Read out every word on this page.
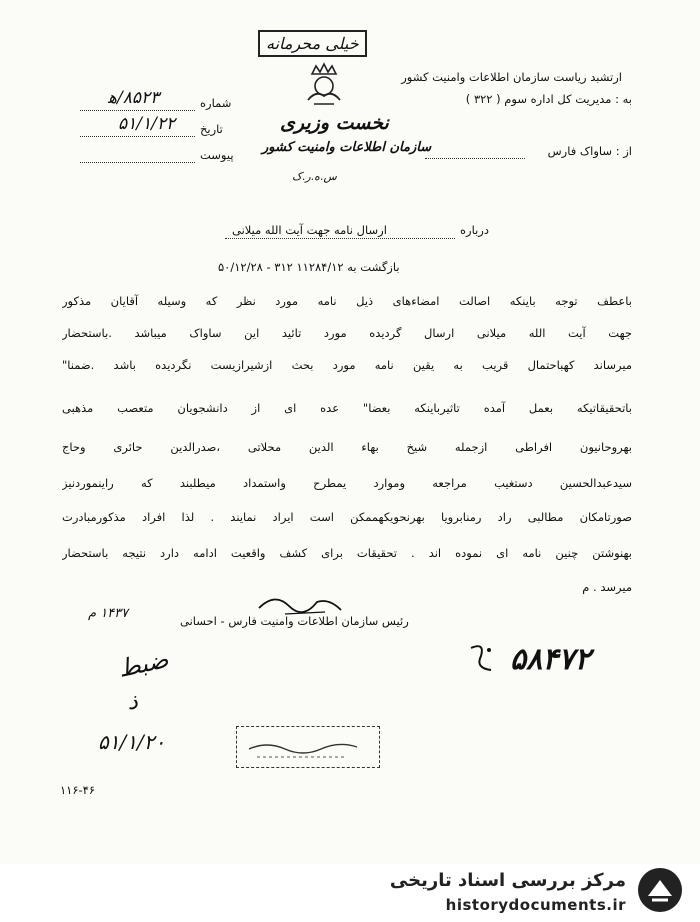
خیلی محرمانه
شماره
۸۵۲۳/ه‍
تاریخ
۵۱/۱/۲۲
پیوست
نخست وزیری
سازمان اطلاعات وامنیت کشور
س.ه.ر.ک
ارتشبد ریاست سازمان اطلاعات وامنیت کشور
به : مدیریت کل اداره سوم ( ۳۲۲ )
از : ساواک فارس
درباره
ارسال نامه جهت آیت الله میلانی
بازگشت به ۱۱۲۸۴/۱۲ ۳۱۲ - ۵۰/۱۲/۲۸
باعطف توجه باینکه اصالت امضاءهای ذیل نامه مورد نظر که وسیله آقایان مذکور
جهت آیت الله میلانی ارسال گردیده مورد تائید این ساواک میباشد .باستحضار
میرساند کهباحتمال قریب به یقین نامه مورد بحث ازشیرازیست نگردیده باشد .ضمنا"
باتحقیقاتیکه بعمل آمده تاثیرباینکه بعضا" عده ای از دانشجویان متعصب مذهبی
بهروحانیون افراطی ازجمله شیخ بهاء الدین محلاتی ،صدرالدین حائری وحاج
سیدعبدالحسین دستغیب مراجعه وموارد یمطرح واستمداد میطلبند که راینموردنیز
صورتامکان مطالبی راد رمنابرویا بهرنحویکهممکن است ایراد نمایند . لذا افراد مذکورمبادرت
بهنوشتن چنین نامه ای نموده اند . تحقیقات برای کشف واقعیت ادامه دارد نتیجه باستحضار
میرسد . م
۱۴۳۷ م	رئیس سازمان اطلاعات وامنیت فارس - احسانی
۵۸۴۷۲
ضبط
ذ
۵۱/۱/۲۰
۱۱۶-۴۶
مرکز بررسی اسناد تاریخی
historydocuments.ir
